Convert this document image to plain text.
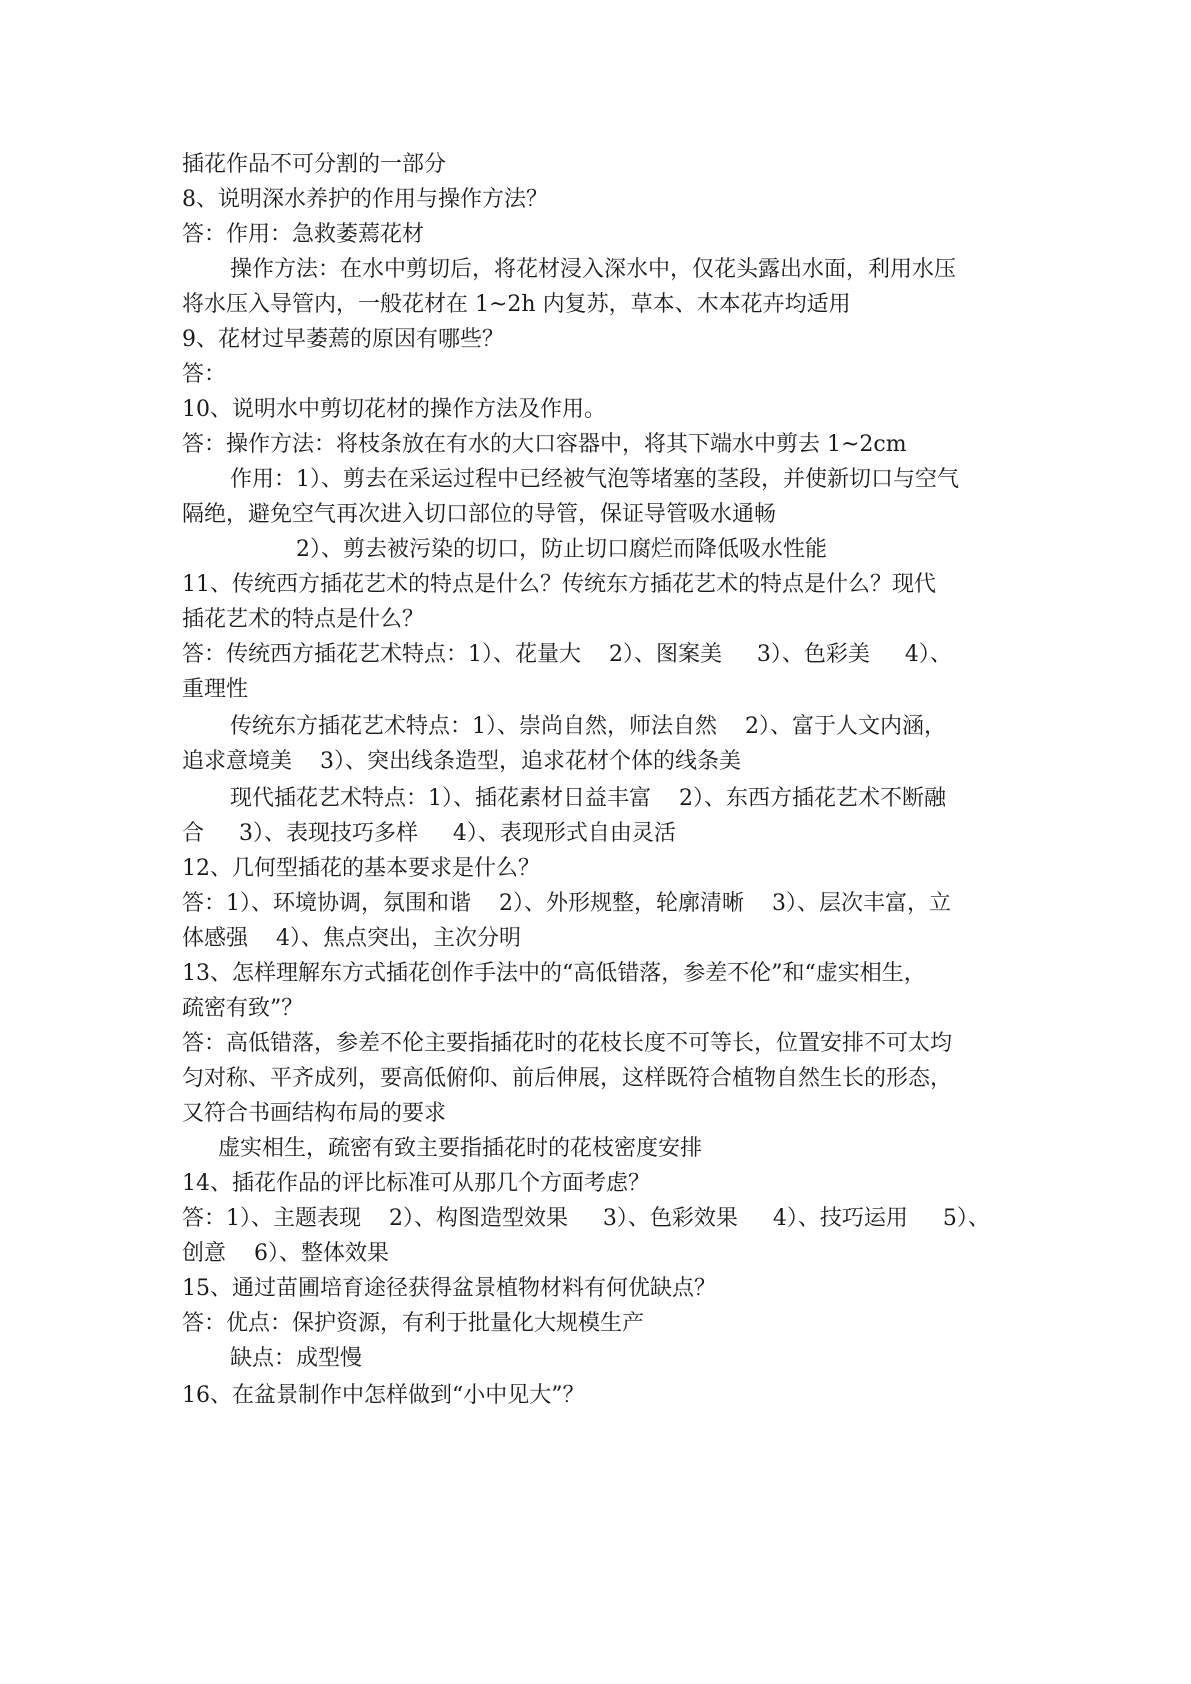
插花作品不可分割的一部分
8、说明深水养护的作用与操作方法？
答：作用：急救萎蔫花材
操作方法：在水中剪切后，将花材浸入深水中，仅花头露出水面，利用水压
将水压入导管内，一般花材在 1~2h 内复苏，草本、木本花卉均适用
9、花材过早萎蔫的原因有哪些？
答：
10、说明水中剪切花材的操作方法及作用。
答：操作方法：将枝条放在有水的大口容器中，将其下端水中剪去 1~2cm
作用：1）、剪去在采运过程中已经被气泡等堵塞的茎段，并使新切口与空气
隔绝，避免空气再次进入切口部位的导管，保证导管吸水通畅
2）、剪去被污染的切口，防止切口腐烂而降低吸水性能
11、传统西方插花艺术的特点是什么？传统东方插花艺术的特点是什么？现代
插花艺术的特点是什么？
答：传统西方插花艺术特点：1）、花量大    2）、图案美     3）、色彩美     4）、
重理性
传统东方插花艺术特点：1）、崇尚自然，师法自然    2）、富于人文内涵，
追求意境美    3）、突出线条造型，追求花材个体的线条美
现代插花艺术特点：1）、插花素材日益丰富    2）、东西方插花艺术不断融
合     3）、表现技巧多样     4）、表现形式自由灵活
12、几何型插花的基本要求是什么？
答：1）、环境协调，氛围和谐    2）、外形规整，轮廓清晰    3）、层次丰富，立
体感强    4）、焦点突出，主次分明
13、怎样理解东方式插花创作手法中的“高低错落，参差不伦”和“虚实相生，
疏密有致”？
答：高低错落，参差不伦主要指插花时的花枝长度不可等长，位置安排不可太均
匀对称、平齐成列，要高低俯仰、前后伸展，这样既符合植物自然生长的形态，
又符合书画结构布局的要求
虚实相生，疏密有致主要指插花时的花枝密度安排
14、插花作品的评比标准可从那几个方面考虑？
答：1）、主题表现    2）、构图造型效果     3）、色彩效果     4）、技巧运用     5）、
创意    6）、整体效果
15、通过苗圃培育途径获得盆景植物材料有何优缺点？
答：优点：保护资源，有利于批量化大规模生产
缺点：成型慢
16、在盆景制作中怎样做到“小中见大”？
